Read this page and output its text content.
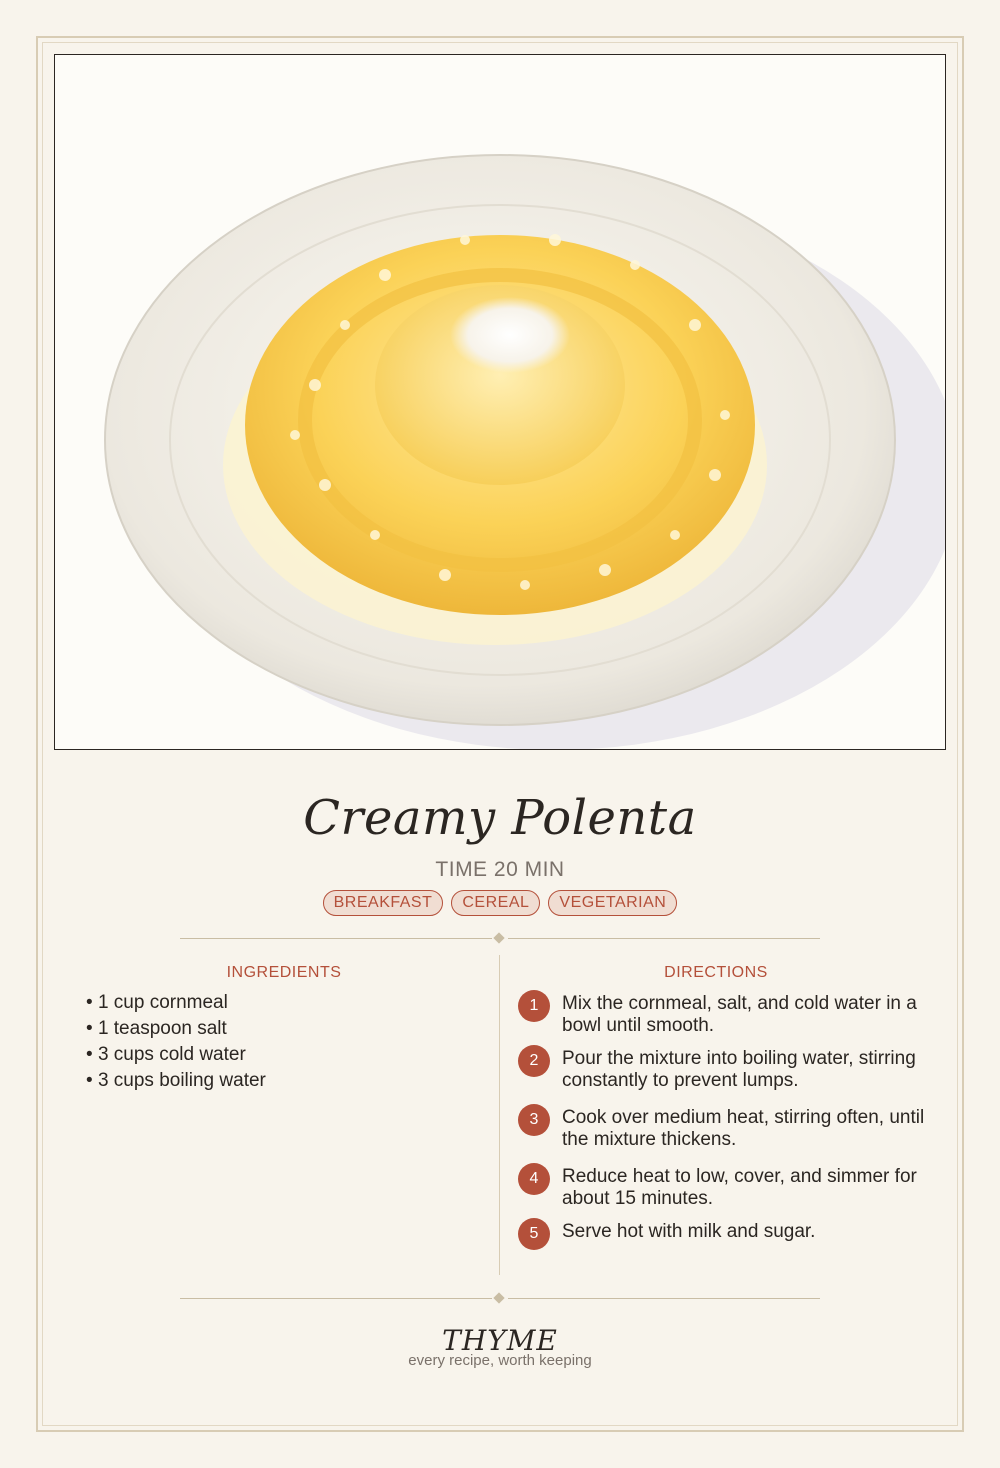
Creamy Polenta
TIME 20 MIN
BREAKFAST	CEREAL	VEGETARIAN
INGREDIENTS
• 1 cup cornmeal
• 1 teaspoon salt
• 3 cups cold water
• 3 cups boiling water
DIRECTIONS
1	Mix the cornmeal, salt, and cold water in a bowl until smooth.
2	Pour the mixture into boiling water, stirring constantly to prevent lumps.
3	Cook over medium heat, stirring often, until the mixture thickens.
4	Reduce heat to low, cover, and simmer for about 15 minutes.
5	Serve hot with milk and sugar.
THYME
every recipe, worth keeping
